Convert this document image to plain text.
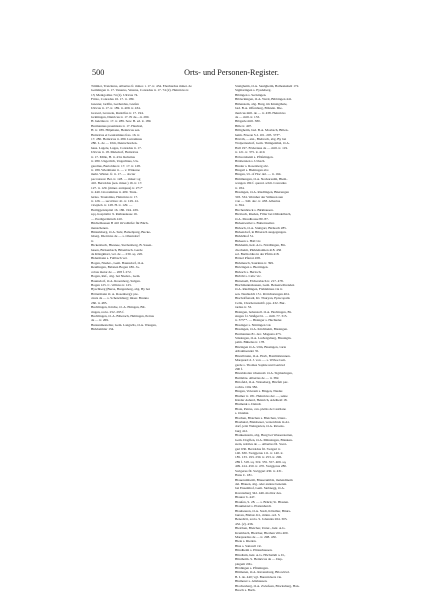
500	Orts- und Personen-Register.

Trümler, Trutzlerus, Albertus fr. minor. t. 17. tr. 434. Eberhardus miner. de

Gemtingen tr. 17. Venerus, Veterus, Conradus tr. 17. 74 (2). Heinricus tr.

13; Menigoldus 74 (2). Ulricus 74.

Fritzo, Conradus 16. 17. tr. 189.

Gnester, Gräfin, Gerhardus, Grefen

Ulricus tr. 17. tr. 189. tr. 409. tr. 434.

Grawel, Grawele, Rudolfus tr. 17. 194.

Grimingen, Dietricus tr. 17. Et de—tr. 290.

H. heiztius tr. 17. tr. 289. Sew. B. ed. tr. 189.

Hermannus praemissis tr. 17. Haubrel,

H. tr. 189. Hilpmann, Heinricus sen.

Heinricus et Leutramnus fres. 16. tr.

17. 280. Heinricus tr. 280. Lutramnus

280. L. de — Ulm, Deutschorden-

haus. Lugele, Luges, Conradus tr. 17.

Ulricus tr. 18. Muledorf, Heinricus

tr. 17. Mille, H. tr. 434. Rebstius

tr. 280. Ungerlich, Ungerlinus, Un-

garelius, Bertoldus tr. 17. 17. tr. 128.

tr. 189. Wiedmann tr. — v. Winterse

mehr. Winter. fr. tr. 17. — docter

peccatores: Ber. tr. 128. — miser: sg

410. Bertoldus (sen. miser.) 16. tr. 17.

127. tr. 129. (miner. antiquus) tr. 271*

tr. 440. Litorammus tr. 409. Truta-

lertus. Trautstitus, Heinricus tr. 17.

tr. 126. — seccritus: 41. tr. 129. 41.

vicepleb. tr. 128. H. tr. 129. —

Heiliggeistspital 16. 186. 194. 439.

sqq. hospitalis: 9. Rathauskase 16.

— Predigermönch 410.

Büchelhausen B 410 Orvalhöfer für Büch-

menschenen.

Büntelsberg, O.A. Sulz, Balsebpurg, Bucke-

lsberg. Dietricus de — s. Oberndorf

tr.

Bickenbach, Hiesnee, Sterbenberg, B. Sasen-

hasen, Bickenbach, Bibenbach. Gerde

de Klingkhart, vel. de — 230. sq. 220.

Bidermann s. Fallbach vel.

Bogen, Nieder-, Gem. Baunsdorf, O.A.

Reutlingen, Bsbsten Bogen 186. Ja-

cobus maior de — 208 f. 272.

Bogen, Ref., obg. bei Nieder-, Gem.

Baunsdorf, O.A. Rosenberg, Sulgen.

Bogen 125. C. villicus tr. 125.

Byschberg (Burss, Burgenberg, abg. By bei

Böttermann O. A. Rosenberg): pie-

cnuts de — s. Schenckburg; miser. Brunno

260. tr. 485.

Buchlingen, Kirche, O. A. Ehingen, Bil-

ringen, recte. 252. 295 f.

Buchlingen, O. A. Biberach, Heltingen, Petrus

de — tr. 269.

Buntenmesteller, Gem. Langwils, O.A. Waugen,

Birkbeimler 134.

Statigheim, O.A. Saulgheim, Balbeskshelt 172.

Sigmaringen s. Eysdeberg.

Bibingen s. Seckingen.

Bibleckingen, O.A. Wertt, Bibbingen 441.

Bülenstein, abg. Burg, im Kinzigthale,

bad. B.A. Offenburg, Bilstein. Die-

thericus mill. de — tr. 438. Heinricus

de — mill. tr. 133.

Bibgerle mill. 380.

Bille tr. 407.

Billigheim, bad. B.A. Mosbach, Billen-

heim. Frueon S.I. 101. 205. 373*.

Bösvih, —stst., Biebrach, abg. By bei

Wolperiesdorf, Gem. Thüngenthal, O.A.

Hall 197. Friderieus de — mill. tr. 119.

tr. 121. tr. 375. tr. 410.

Bölwersheim s. Pfäfelingen.

Bönbersien s. Urbach.

Binder s. Rosenberg abc.

Bingeil s. Biehingen abc.

Bingen, Ut. of Hoc del. — tr. 164.

Bimmungen, O.A. Neckarsulm, Blem-

wangen 184 f. quond. schli. Conradus

tr. 184.

Bissingen, O.A. Riedlingen, Büerungen

303. 334. Wernher der Sülleren sun

von — 340. dec. tr. 438. Albertus

tr. 394.

Birchenbruck s. Birkhausen.

Birsbach, Rieden, Filler bei Oländelbach,

O.A. Moudhouse 80. 87.

Birkenweiler s. Buttenweiler.

Birkach, O.A. Stuttgart, Birtkach 285.

Birkendorf, in Biberach ausgegangen.

Birkhöhof 51.

Birkeen s. Hall vic.

Birkheim, heir. A.G. Nördlingen, Bir-

checheim, Pürklehaimen 418. 456

sol. Bartholdus in der Pfrün 418.

Bötzel Pfarrei 458.

Birkmesch, Saurinna tr. 399.

Birtzingen s. Biertingen.

Birkach s. Herloch.

Birlöhl s. Calw vic.

Birneisell, Elchersbach tr. 217. 478.

Bischmannshausen, Gem. Beisenwälrenden

O.A. Riedlingen, Fishlehtsus via tr.

sen. Neubudch 15 t. Rörichsrungen 404.

Bischoffsstadt, Kl. Thuryan, Episcopalis

Cella, Chorherrenstift. pps. 432. Bur-

tardus tr. 53.

Bisingen, bebenzoll. O.A. Hechingen, Bi-

singen f.l. Waßger bi. — mill. 77. 315.

tr. 375**. — Bisinger s. Hechieler.

Bissinger s. Nürtingen val.

Bissingen, O.A. Kirchheim, Bissingen.

Hermannus 81. dec. Magusta 473.

Stissingen, O.A. Ludwigsburg, Bissingin.

palm. Bühelus tr. 178.

Bitzingen O.A. Ulm, Bissingen, varia

Albaimsender 35.

Bitzelbrunn, O.A. Horb, Batzlinbrunnen.

Marquard d. J. von —. s. Wilwe Luit-

garde s. Thomas Sophie und Gertrud

290 f.

Bitzelsholan tchenuoll. O.A. Sigmaringen,

Buttlebte. Albertus de — tr. 382.

Bittofeld, O.A. Waiseberg, Bitzfelt par-

rochia. villa 382.

Bingen, Volerem s. Bingen, Nieder.

Blumer tr. 181. Heinricus der —, seine

Kinder Ashard, Heinrich, Adelheid 18.

Blumenk s. Deindt.

Blata, Petrus, can. plebis de Castliano

s. Ostehat.

Blachen, Blaichen s. Bletchen, Unter-.

Blashutal, Bleisbeuer, verzeichnis in Al-

dorf, jetzt Weingarten, O.A. Ravens-

burg 412.

Blankenstein, abg. Burg bei Wasserstetten,

Gem. Dogflen, O.A. Münsingen, Blanken-

stein, nobiles de — Albertus fil. Swei-

gart 630. Bertoldus fil. Swigart tr.

140. 630. Swiggerus 111. tr. 140. tr.

185. 133. 193. 230. tr. 253. tr. 296.

289 f. 318. sq. 319. 355. 357. 409. sq.

409. 414. 450. tr. 470. Swiggerus 280.

Swigerus fil. Swiggart 430. tr. 431.

Hans C. 181.

Blauerumbetät, Blauerumbiz, malendinem

del. Blauen, abg. oder andere benennt.

bei Ensemhof, Gem. Siebnegg, O.A.

Ravensburg 342. 446. molitor des.

Blaurer b. 447.

Blaufen, S. 28. — s. Brück; St. Blasien.

Blaumetzel s. Plattenhardt.

Blaubeuren, O.A. Stadt, Klöstbur, Büurs-

burren, Blabur. Kl., mönn. ord. S

Benedicti, scola. S. Johannis 264. 305.

432. (2). 436.

Bleichen, Bleicher, Unter-, heir. A.G.

Krumbach, Bleicher, Blerhen villa 400.

Marquardus de — tr. 298. 430.

Bleie s. Rieden.

Blus s. Sattawil vic.

Blindheim s. Plinterhausen.

Blindlam, heir. A.G. Höchstädt a. D.,

Blintheim. S. Heinricus de — Dep-

plegem vills.

Blödingen s. Pfinningen.

Blümaten, O.A. Ravensburg, Bilowtriol.

B. I. de. 440; vgl. Buonrickers vie.

Blumerer s. Altshausen.

Blochesberg, O.A. Zwiefeen, Blocksburg, Han-

Buoch s. Buch.
